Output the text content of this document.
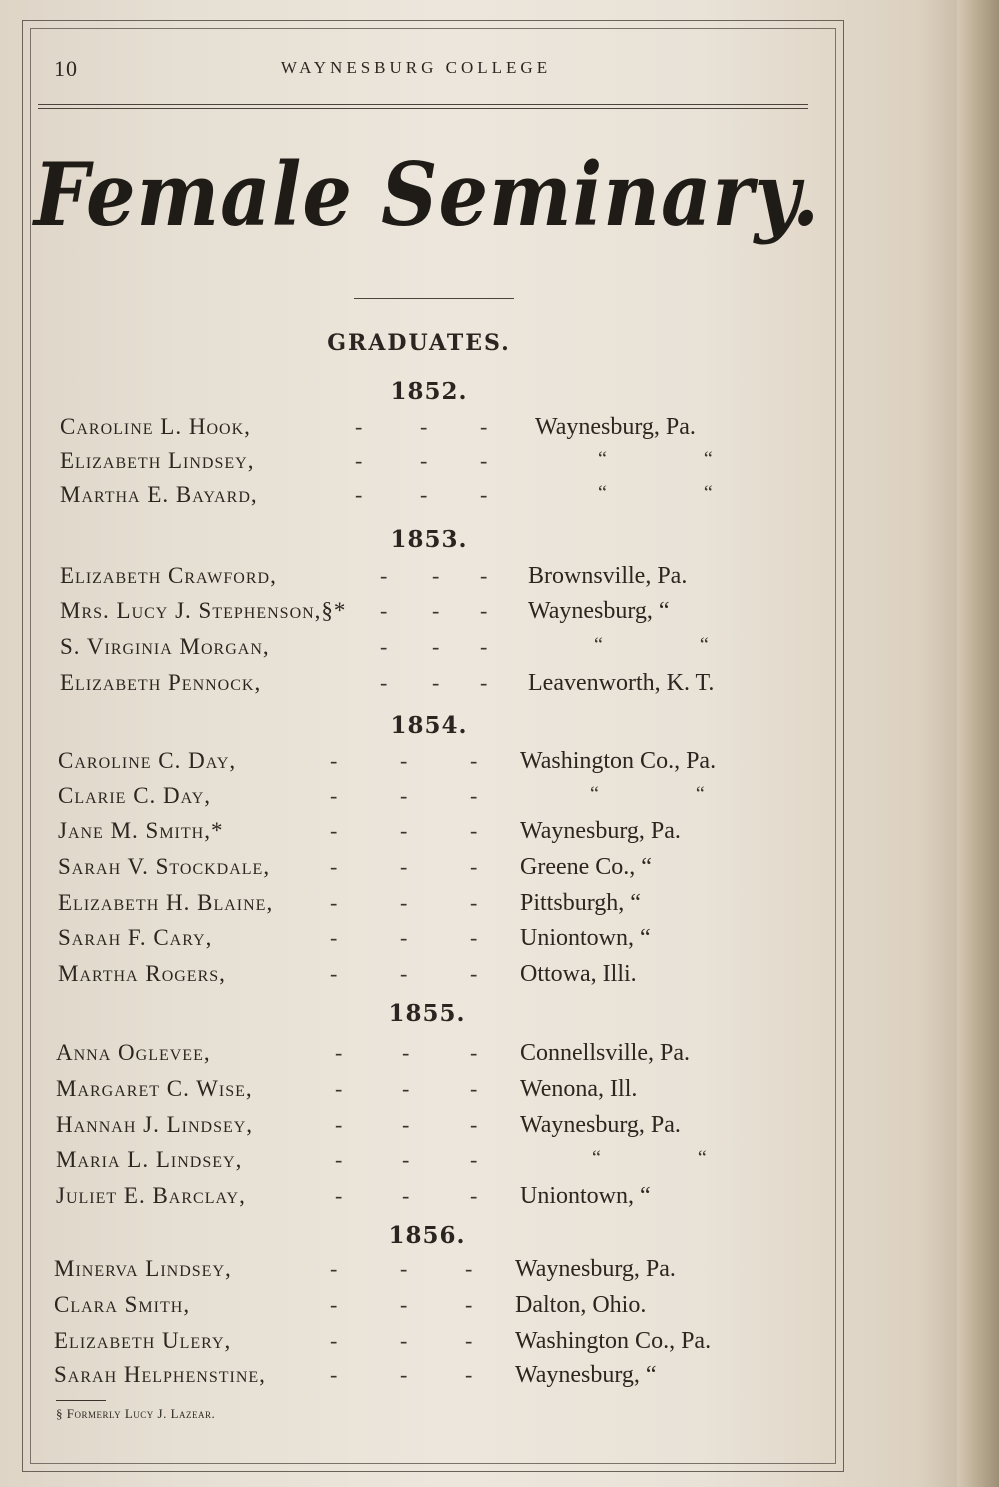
10	WAYNESBURG COLLEGE
Female Seminary.
GRADUATES.
1852.
Caroline L. Hook,	-	- - Waynesburg, Pa.
Elizabeth Lindsey,	-	- -	“ “
Martha E. Bayard,	-	- -	“ “
1853.
Elizabeth Crawford,	- - - Brownsville, Pa.
Mrs. Lucy J. Stephenson,§* - - - Waynesburg, “
S. Virginia Morgan,	- - -	“ “
Elizabeth Pennock,	- - - Leavenworth, K. T.
1854.
Caroline C. Day,	-	-	- Washington Co., Pa.
Clarie C. Day,	-	-	-	“ “
Jane M. Smith,*	-	-	- Waynesburg, Pa.
Sarah V. Stockdale,	-	-	- Greene Co., “
Elizabeth H. Blaine,	-	-	- Pittsburgh, “
Sarah F. Cary,	-	-	- Uniontown, “
Martha Rogers,	-	-	- Ottowa, Illi.
1855.
Anna Oglevee,	-	-	- Connellsville, Pa.
Margaret C. Wise,	-	-	- Wenona, Ill.
Hannah J. Lindsey,	-	-	- Waynesburg, Pa.
Maria L. Lindsey,	-	-	-	“ “
Juliet E. Barclay,	-	-	- Uniontown, “
1856.
Minerva Lindsey,	-	-	- Waynesburg, Pa.
Clara Smith,	-	-	- Dalton, Ohio.
Elizabeth Ulery,	-	-	- Washington Co., Pa.
Sarah Helphenstine,	-	-	- Waynesburg, “
§ Formerly Lucy J. Lazear.
